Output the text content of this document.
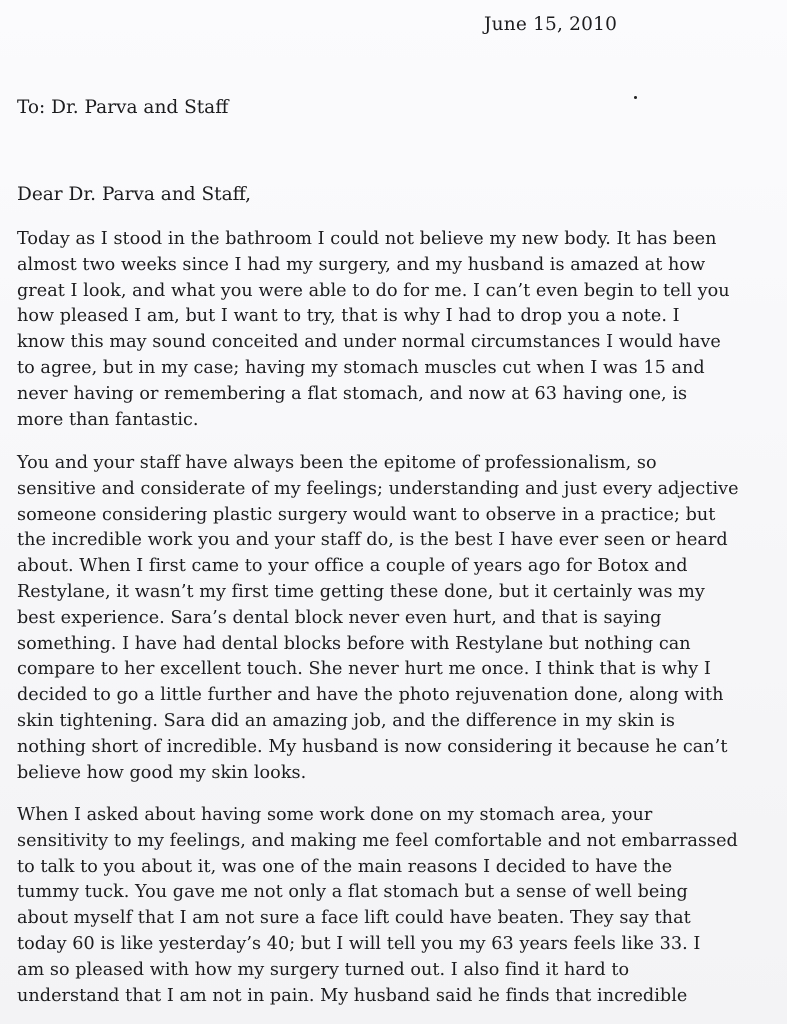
June 15, 2010
To: Dr. Parva and Staff
Dear Dr. Parva and Staff,
Today as I stood in the bathroom I could not believe my new body. It has been
almost two weeks since I had my surgery, and my husband is amazed at how
great I look, and what you were able to do for me. I can’t even begin to tell you
how pleased I am, but I want to try, that is why I had to drop you a note. I
know this may sound conceited and under normal circumstances I would have
to agree, but in my case; having my stomach muscles cut when I was 15 and
never having or remembering a flat stomach, and now at 63 having one, is
more than fantastic.
You and your staff have always been the epitome of professionalism, so
sensitive and considerate of my feelings; understanding and just every adjective
someone considering plastic surgery would want to observe in a practice; but
the incredible work you and your staff do, is the best I have ever seen or heard
about. When I first came to your office a couple of years ago for Botox and
Restylane, it wasn’t my first time getting these done, but it certainly was my
best experience. Sara’s dental block never even hurt, and that is saying
something. I have had dental blocks before with Restylane but nothing can
compare to her excellent touch. She never hurt me once. I think that is why I
decided to go a little further and have the photo rejuvenation done, along with
skin tightening. Sara did an amazing job, and the difference in my skin is
nothing short of incredible. My husband is now considering it because he can’t
believe how good my skin looks.
When I asked about having some work done on my stomach area, your
sensitivity to my feelings, and making me feel comfortable and not embarrassed
to talk to you about it, was one of the main reasons I decided to have the
tummy tuck. You gave me not only a flat stomach but a sense of well being
about myself that I am not sure a face lift could have beaten. They say that
today 60 is like yesterday’s 40; but I will tell you my 63 years feels like 33. I
am so pleased with how my surgery turned out. I also find it hard to
understand that I am not in pain. My husband said he finds that incredible
